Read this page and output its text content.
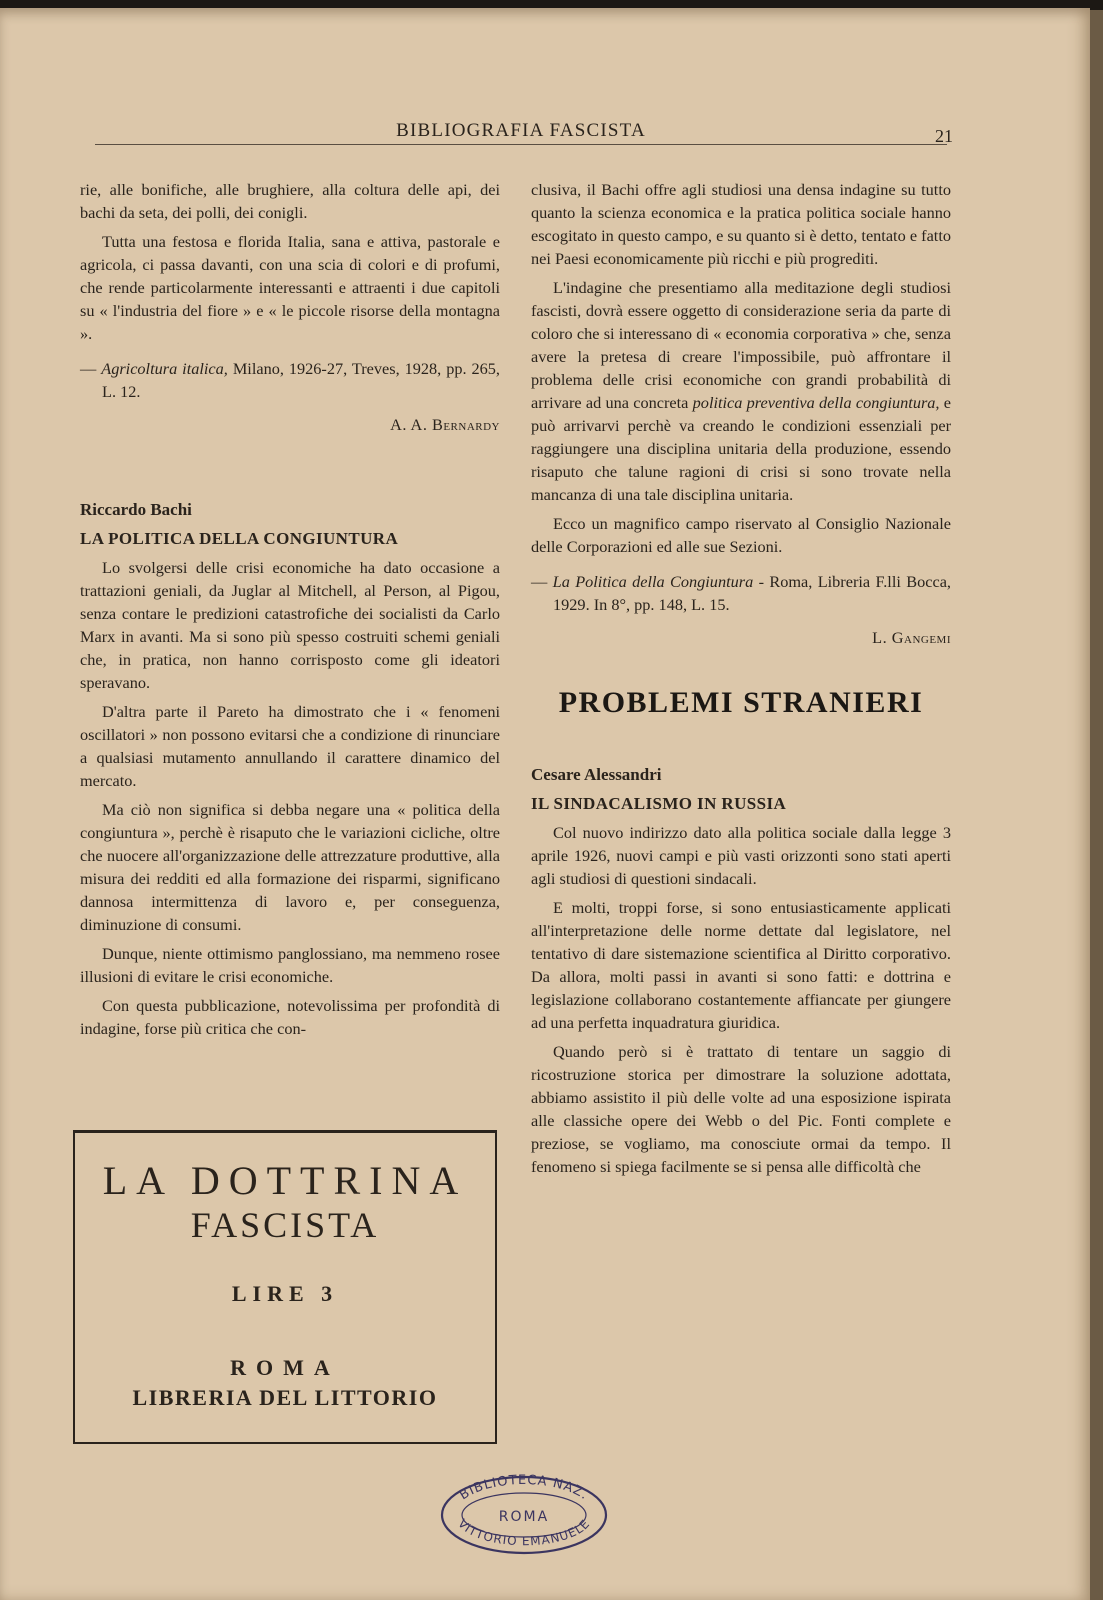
BIBLIOGRAFIA FASCISTA	21

rie, alle bonifiche, alle brughiere, alla coltura delle api, dei bachi da seta, dei polli, dei conigli.

Tutta una festosa e florida Italia, sana e attiva, pastorale e agricola, ci passa davanti, con una scia di colori e di profumi, che rende particolarmente interessanti e attraenti i due capitoli su « l'industria del fiore » e « le piccole risorse della montagna ».

— Agricoltura italica, Milano, 1926-27, Treves, 1928, pp. 265, L. 12.

A. A. Bernardy

Riccardo Bachi

LA POLITICA DELLA CONGIUNTURA

Lo svolgersi delle crisi economiche ha dato occasione a trattazioni geniali, da Juglar al Mitchell, al Person, al Pigou, senza contare le predizioni catastrofiche dei socialisti da Carlo Marx in avanti. Ma si sono più spesso costruiti schemi geniali che, in pratica, non hanno corrisposto come gli ideatori speravano.

D'altra parte il Pareto ha dimostrato che i « fenomeni oscillatori » non possono evitarsi che a condizione di rinunciare a qualsiasi mutamento annullando il carattere dinamico del mercato.

Ma ciò non significa si debba negare una « politica della congiuntura », perchè è risaputo che le variazioni cicliche, oltre che nuocere all'organizzazione delle attrezzature produttive, alla misura dei redditi ed alla formazione dei risparmi, significano dannosa intermittenza di lavoro e, per conseguenza, diminuzione di consumi.

Dunque, niente ottimismo panglossiano, ma nemmeno rosee illusioni di evitare le crisi economiche.

Con questa pubblicazione, notevolissima per profondità di indagine, forse più critica che con-

LA DOTTRINA
FASCISTA
LIRE 3
ROMA
LIBRERIA DEL LITTORIO

clusiva, il Bachi offre agli studiosi una densa indagine su tutto quanto la scienza economica e la pratica politica sociale hanno escogitato in questo campo, e su quanto si è detto, tentato e fatto nei Paesi economicamente più ricchi e più progrediti.

L'indagine che presentiamo alla meditazione degli studiosi fascisti, dovrà essere oggetto di considerazione seria da parte di coloro che si interessano di « economia corporativa » che, senza avere la pretesa di creare l'impossibile, può affrontare il problema delle crisi economiche con grandi probabilità di arrivare ad una concreta politica preventiva della congiuntura, e può arrivarvi perchè va creando le condizioni essenziali per raggiungere una disciplina unitaria della produzione, essendo risaputo che talune ragioni di crisi si sono trovate nella mancanza di una tale disciplina unitaria.

Ecco un magnifico campo riservato al Consiglio Nazionale delle Corporazioni ed alle sue Sezioni.

— La Politica della Congiuntura - Roma, Libreria F.lli Bocca, 1929. In 8°, pp. 148, L. 15.

L. Gangemi

PROBLEMI STRANIERI

Cesare Alessandri

IL SINDACALISMO IN RUSSIA

Col nuovo indirizzo dato alla politica sociale dalla legge 3 aprile 1926, nuovi campi e più vasti orizzonti sono stati aperti agli studiosi di questioni sindacali.

E molti, troppi forse, si sono entusiasticamente applicati all'interpretazione delle norme dettate dal legislatore, nel tentativo di dare sistemazione scientifica al Diritto corporativo. Da allora, molti passi in avanti si sono fatti: e dottrina e legislazione collaborano costantemente affiancate per giungere ad una perfetta inquadratura giuridica.

Quando però si è trattato di tentare un saggio di ricostruzione storica per dimostrare la soluzione adottata, abbiamo assistito il più delle volte ad una esposizione ispirata alle classiche opere dei Webb o del Pic. Fonti complete e preziose, se vogliamo, ma conosciute ormai da tempo. Il fenomeno si spiega facilmente se si pensa alle difficoltà che

BIBLIOTECA NAZ.
ROMA
VITTORIO EMANUELE
